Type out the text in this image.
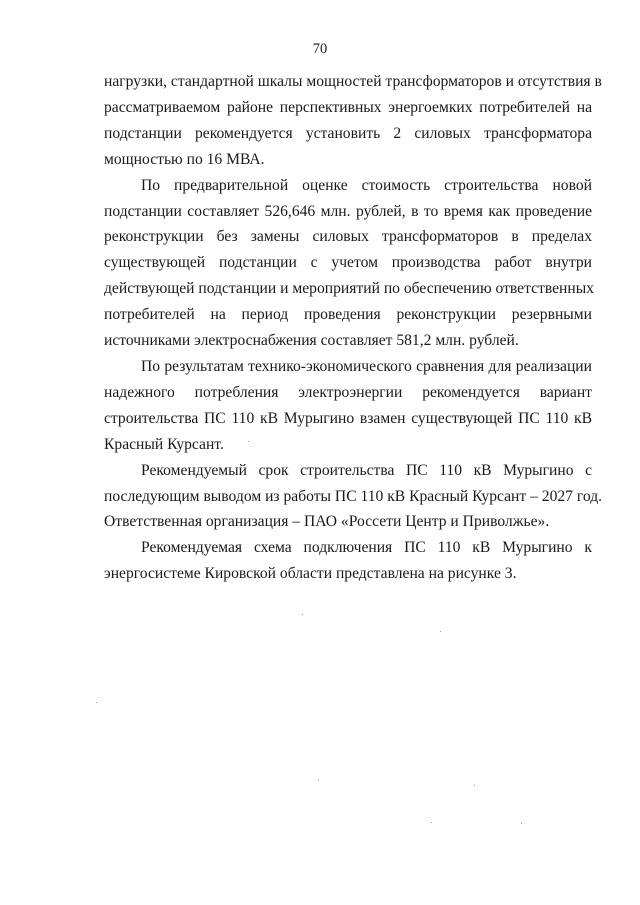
70

нагрузки, стандартной шкалы мощностей трансформаторов и отсутствия в
рассматриваемом районе перспективных энергоемких потребителей на
подстанции рекомендуется установить 2 силовых трансформатора
мощностью по 16 МВА.

По предварительной оценке стоимость строительства новой
подстанции составляет 526,646 млн. рублей, в то время как проведение
реконструкции без замены силовых трансформаторов в пределах
существующей подстанции с учетом производства работ внутри
действующей подстанции и мероприятий по обеспечению ответственных
потребителей на период проведения реконструкции резервными
источниками электроснабжения составляет 581,2 млн. рублей.

По результатам технико-экономического сравнения для реализации
надежного потребления электроэнергии рекомендуется вариант
строительства ПС 110 кВ Мурыгино взамен существующей ПС 110 кВ
Красный Курсант.

Рекомендуемый срок строительства ПС 110 кВ Мурыгино с
последующим выводом из работы ПС 110 кВ Красный Курсант – 2027 год.
Ответственная организация – ПАО «Россети Центр и Приволжье».

Рекомендуемая схема подключения ПС 110 кВ Мурыгино к
энергосистеме Кировской области представлена на рисунке 3.
